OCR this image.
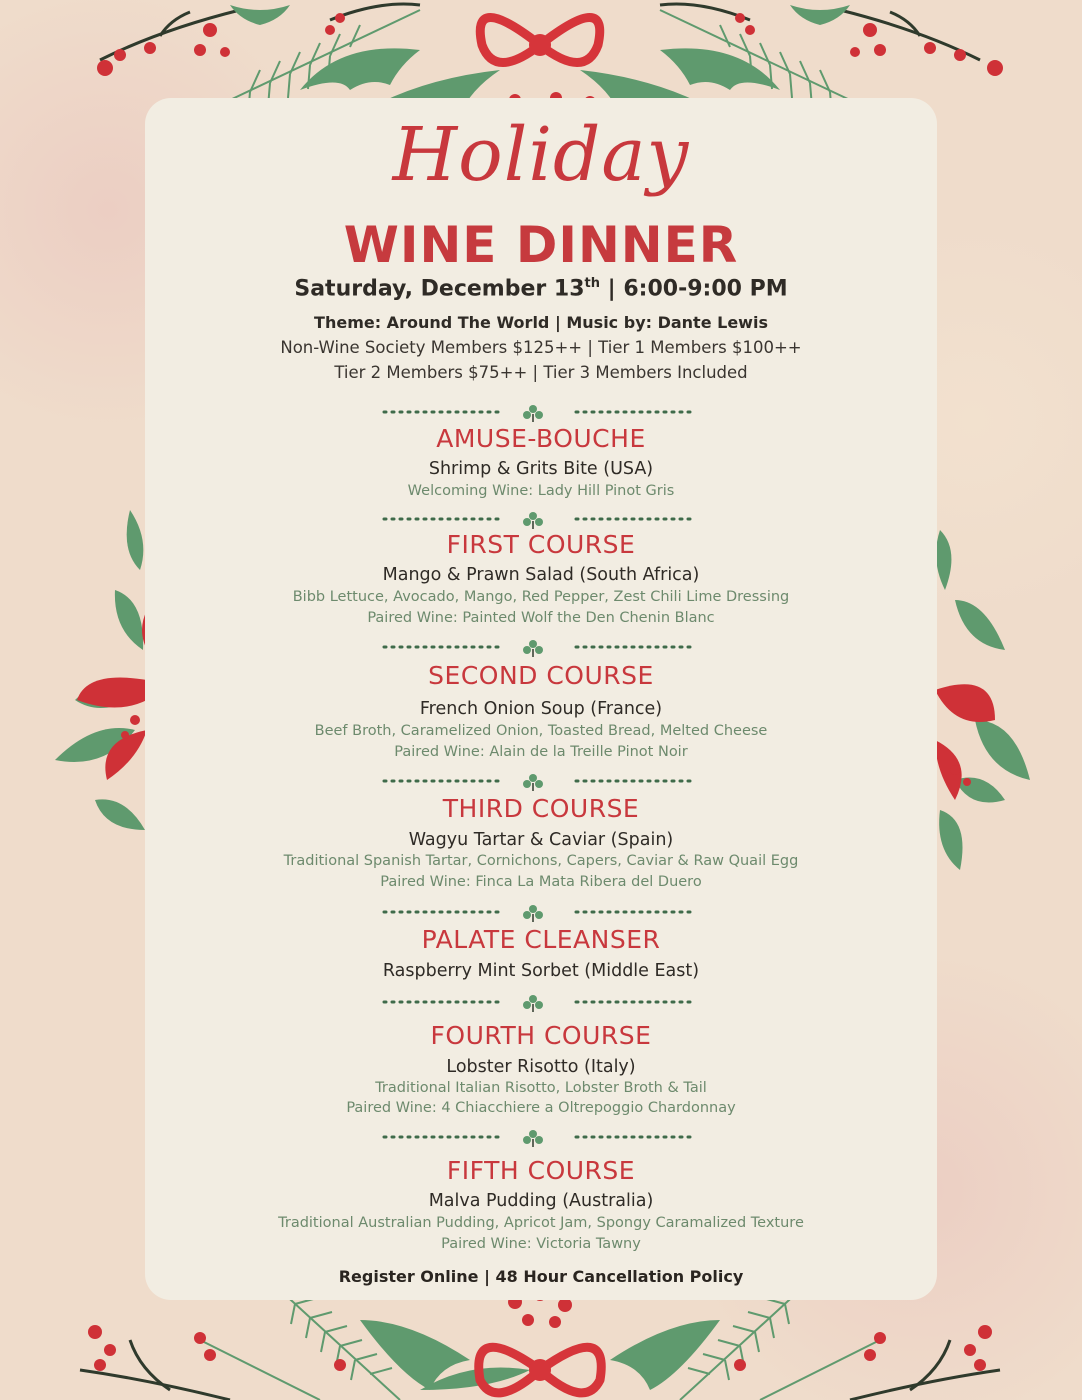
Holiday
WINE DINNER
Saturday, December 13th | 6:00-9:00 PM
Theme: Around The World | Music by: Dante Lewis
Non-Wine Society Members $125++ | Tier 1 Members $100++
Tier 2 Members $75++ | Tier 3 Members Included
AMUSE-BOUCHE
Shrimp & Grits Bite (USA)
Welcoming Wine: Lady Hill Pinot Gris
FIRST COURSE
Mango & Prawn Salad (South Africa)
Bibb Lettuce, Avocado, Mango, Red Pepper, Zest Chili Lime Dressing
Paired Wine: Painted Wolf the Den Chenin Blanc
SECOND COURSE
French Onion Soup (France)
Beef Broth, Caramelized Onion, Toasted Bread, Melted Cheese
Paired Wine: Alain de la Treille Pinot Noir
THIRD COURSE
Wagyu Tartar & Caviar (Spain)
Traditional Spanish Tartar, Cornichons, Capers, Caviar & Raw Quail Egg
Paired Wine: Finca La Mata Ribera del Duero
PALATE CLEANSER
Raspberry Mint Sorbet (Middle East)
FOURTH COURSE
Lobster Risotto (Italy)
Traditional Italian Risotto, Lobster Broth & Tail
Paired Wine: 4 Chiacchiere a Oltrepoggio Chardonnay
FIFTH COURSE
Malva Pudding (Australia)
Traditional Australian Pudding, Apricot Jam, Spongy Caramalized Texture
Paired Wine: Victoria Tawny
Register Online | 48 Hour Cancellation Policy
